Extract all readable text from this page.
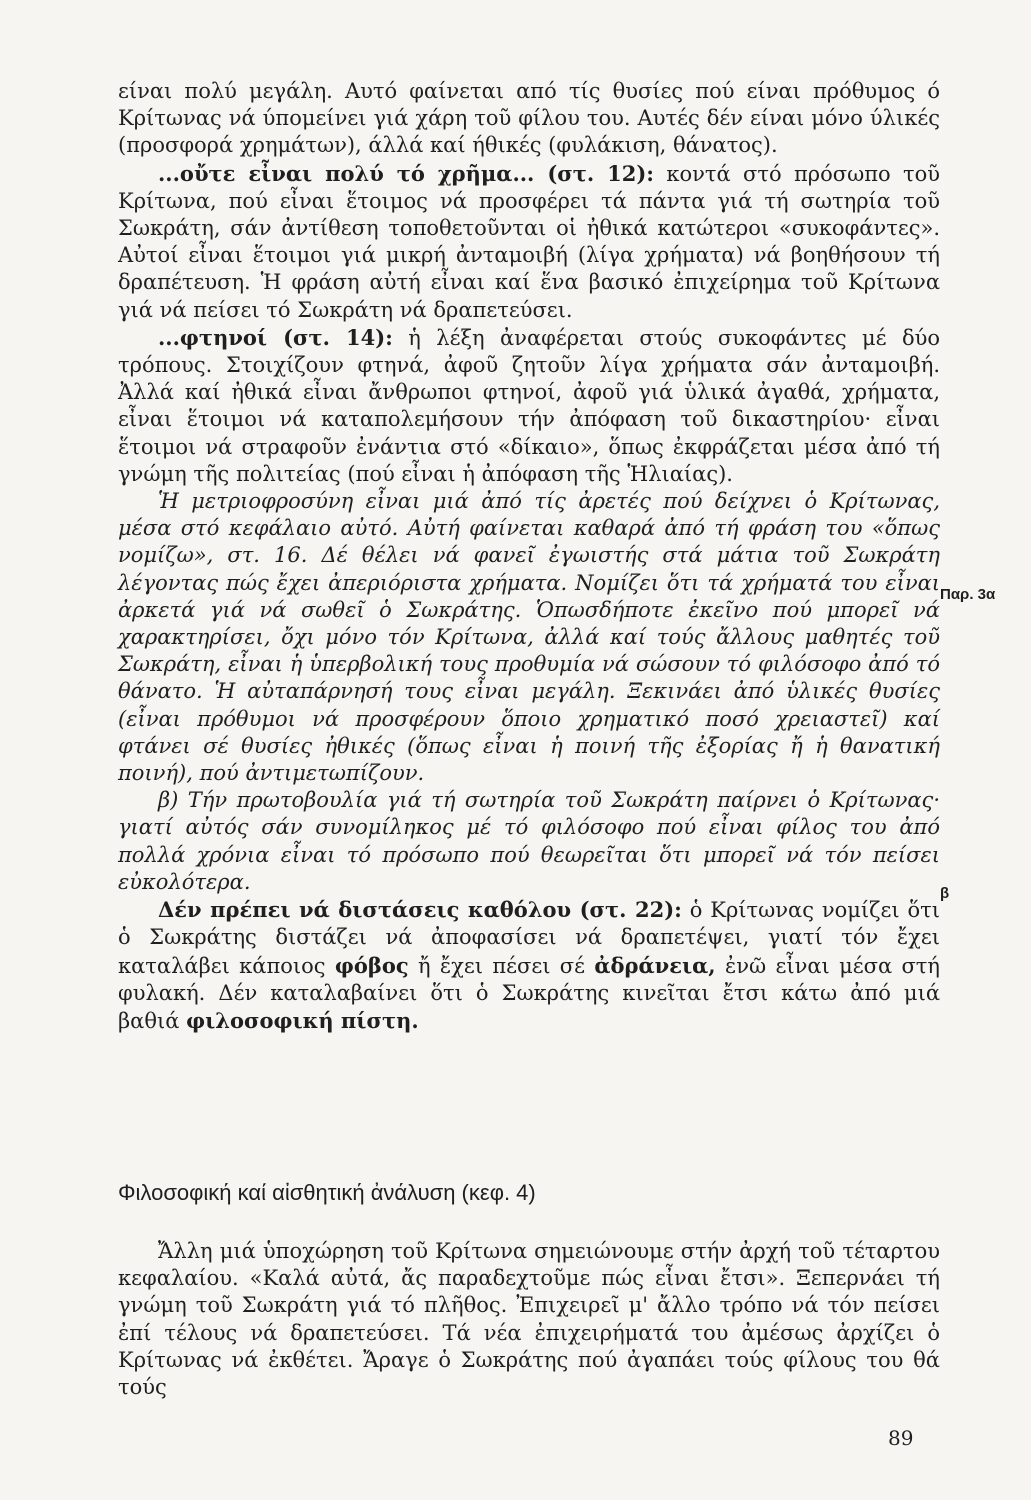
είναι πολύ μεγάλη. Αυτό φαίνεται από τίς θυσίες πού είναι πρόθυμος ό Κρίτωνας νά ύπομείνει γιά χάρη τοῦ φίλου του. Αυτές δέν είναι μόνο ύλικές (προσφορά χρημάτων), άλλά καί ήθικές (φυλάκιση, θάνατος).

...οὔτε εἶναι πολύ τό χρῆμα... (στ. 12): κοντά στό πρόσωπο τοῦ Κρίτωνα, πού εἶναι ἕτοιμος νά προσφέρει τά πάντα γιά τή σωτηρία τοῦ Σωκράτη, σάν ἀντίθεση τοποθετοῦνται οἱ ἠθικά κατώτεροι «συκοφάντες». Αὐτοί εἶναι ἕτοιμοι γιά μικρή ἀνταμοιβή (λίγα χρήματα) νά βοηθήσουν τή δραπέτευση. Ἡ φράση αὐτή εἶναι καί ἕνα βασικό ἐπιχείρημα τοῦ Κρίτωνα γιά νά πείσει τό Σωκράτη νά δραπετεύσει.

...φτηνοί (στ. 14): ἡ λέξη ἀναφέρεται στούς συκοφάντες μέ δύο τρόπους. Στοιχίζουν φτηνά, ἀφοῦ ζητοῦν λίγα χρήματα σάν ἀνταμοιβή. Ἀλλά καί ἠθικά εἶναι ἄνθρωποι φτηνοί, ἀφοῦ γιά ὑλικά ἀγαθά, χρήματα, εἶναι ἕτοιμοι νά καταπολεμήσουν τήν ἀπόφαση τοῦ δικαστηρίου· εἶναι ἕτοιμοι νά στραφοῦν ἐνάντια στό «δίκαιο», ὅπως ἐκφράζεται μέσα ἀπό τή γνώμη τῆς πολιτείας (πού εἶναι ἡ ἀπόφαση τῆς Ἡλιαίας).

Ἡ μετριοφροσύνη εἶναι μιά ἀπό τίς ἀρετές πού δείχνει ὁ Κρίτωνας, μέσα στό κεφάλαιο αὐτό. Αὐτή φαίνεται καθαρά ἀπό τή φράση του «ὅπως νομίζω», στ. 16. Δέ θέλει νά φανεῖ ἐγωιστής στά μάτια τοῦ Σωκράτη λέγοντας πώς ἔχει ἀπεριόριστα χρήματα. Νομίζει ὅτι τά χρήματά του εἶναι ἀρκετά γιά νά σωθεῖ ὁ Σωκράτης. Ὁπωσδήποτε ἐκεῖνο πού μπορεῖ νά χαρακτηρίσει, ὄχι μόνο τόν Κρίτωνα, ἀλλά καί τούς ἄλλους μαθητές τοῦ Σωκράτη, εἶναι ἡ ὑπερβολική τους προθυμία νά σώσουν τό φιλόσοφο ἀπό τό θάνατο. Ἡ αὐταπάρνησή τους εἶναι μεγάλη. Ξεκινάει ἀπό ὑλικές θυσίες (εἶναι πρόθυμοι νά προσφέρουν ὅποιο χρηματικό ποσό χρειαστεῖ) καί φτάνει σέ θυσίες ἠθικές (ὅπως εἶναι ἡ ποινή τῆς ἐξορίας ἤ ἡ θανατική ποινή), πού ἀντιμετωπίζουν.

β) Τήν πρωτοβουλία γιά τή σωτηρία τοῦ Σωκράτη παίρνει ὁ Κρίτωνας· γιατί αὐτός σάν συνομίληκος μέ τό φιλόσοφο πού εἶναι φίλος του ἀπό πολλά χρόνια εἶναι τό πρόσωπο πού θεωρεῖται ὅτι μπορεῖ νά τόν πείσει εὐκολότερα.

Δέν πρέπει νά διστάσεις καθόλου (στ. 22): ὁ Κρίτωνας νομίζει ὅτι ὁ Σωκράτης διστάζει νά ἀποφασίσει νά δραπετέψει, γιατί τόν ἔχει καταλάβει κάποιος φόβος ἤ ἔχει πέσει σέ ἀδράνεια, ἐνῶ εἶναι μέσα στή φυλακή. Δέν καταλαβαίνει ὅτι ὁ Σωκράτης κινεῖται ἔτσι κάτω ἀπό μιά βαθιά φιλοσοφική πίστη.

Παρ. 3α
β
Φιλοσοφική καί αἰσθητική ἀνάλυση (κεφ. 4)

Ἄλλη μιά ὑποχώρηση τοῦ Κρίτωνα σημειώνουμε στήν ἀρχή τοῦ τέταρτου κεφαλαίου. «Καλά αὐτά, ἄς παραδεχτοῦμε πώς εἶναι ἔτσι». Ξεπερνάει τή γνώμη τοῦ Σωκράτη γιά τό πλῆθος. Ἐπιχειρεῖ μ' ἄλλο τρόπο νά τόν πείσει ἐπί τέλους νά δραπετεύσει. Τά νέα ἐπιχειρήματά του ἀμέσως ἀρχίζει ὁ Κρίτωνας νά ἐκθέτει. Ἄραγε ὁ Σωκράτης πού ἀγαπάει τούς φίλους του θά τούς

89
